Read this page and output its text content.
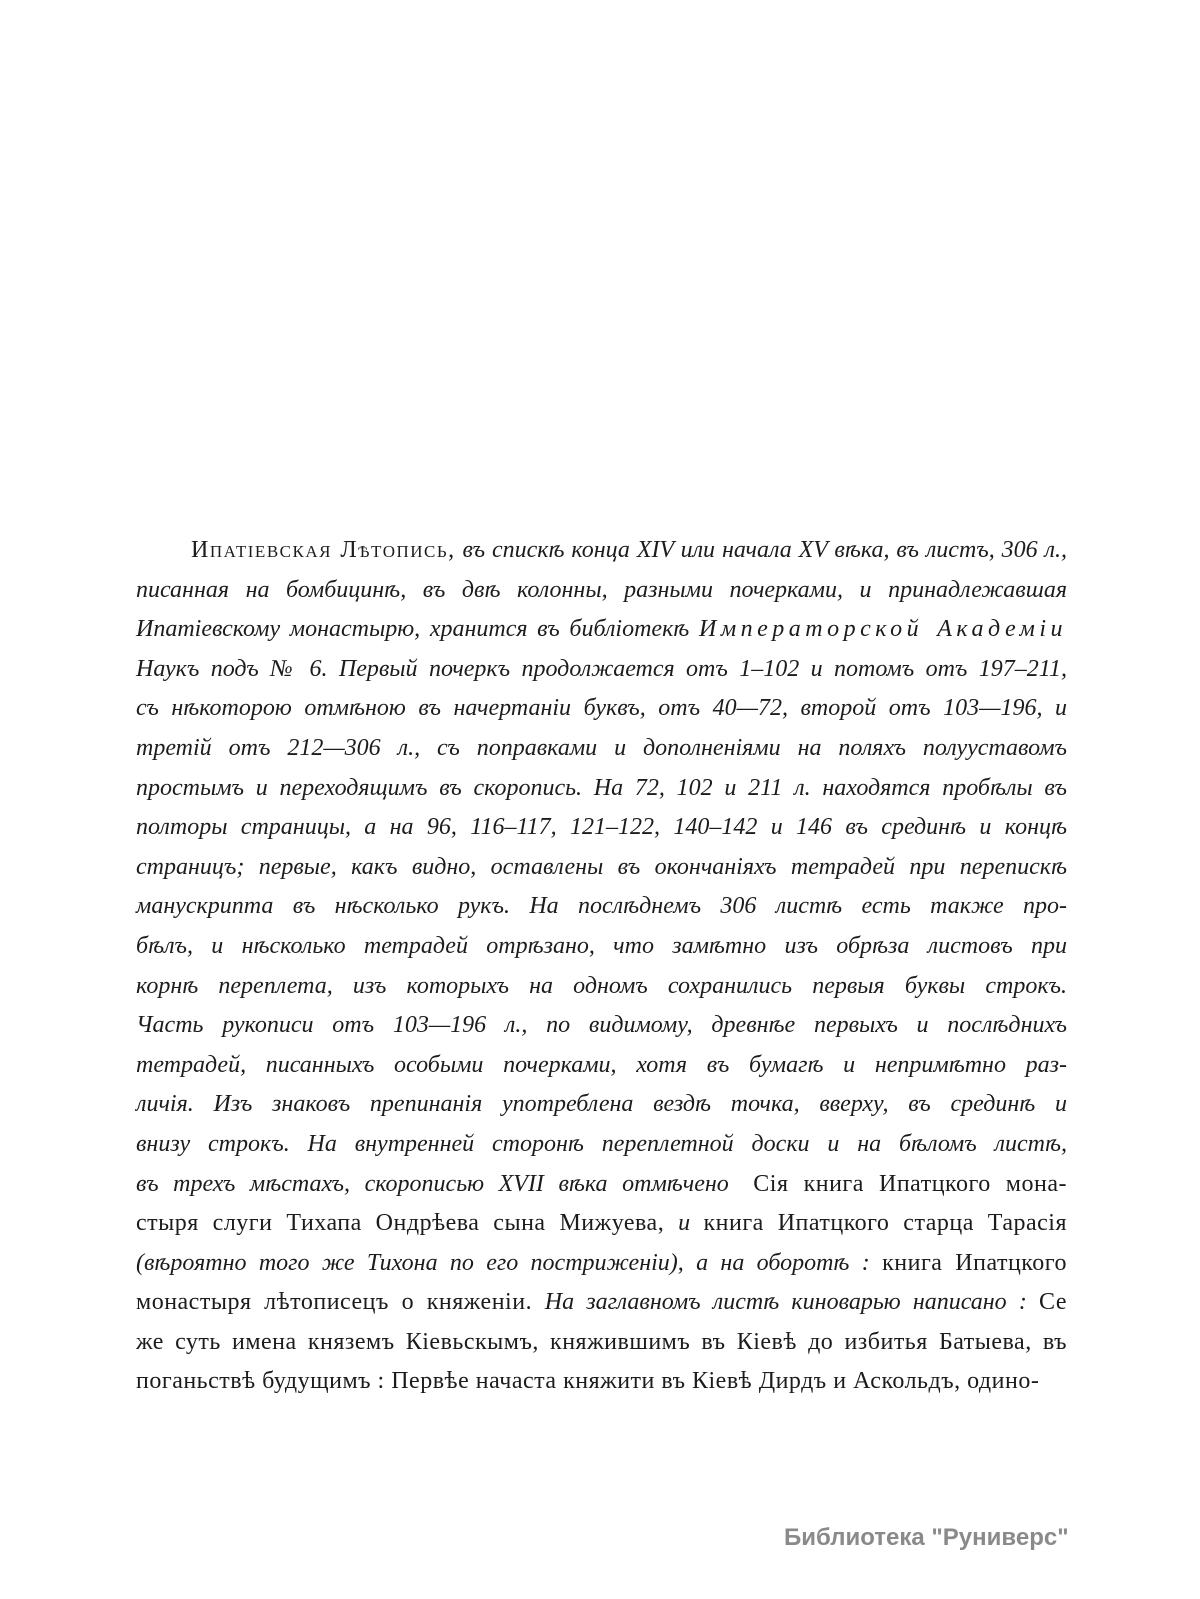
Ипатіевская Лѣтопись, въ спискѣ конца XIV или начала XV вѣка, въ листъ, 306 л.,
писанная на бомбицинѣ, въ двѣ колонны, разными почерками, и принадлежавшая
Ипатіевскому монастырю, хранится въ библіотекѣ Императорской Академіи
Наукъ подъ № 6. Первый почеркъ продолжается отъ 1–102 и потомъ отъ 197–211,
съ нѣкоторою отмѣною въ начертаніи буквъ, отъ 40—72, второй отъ 103—196, и
третій отъ 212—306 л., съ поправками и дополненіями на поляхъ полууставомъ
простымъ и переходящимъ въ скоропись. На 72, 102 и 211 л. находятся пробѣлы въ
полторы страницы, а на 96, 116–117, 121–122, 140–142 и 146 въ срединѣ и концѣ
страницъ; первые, какъ видно, оставлены въ окончаніяхъ тетрадей при перепискѣ
манускрипта въ нѣсколько рукъ. На послѣднемъ 306 листѣ есть также про-
бѣлъ, и нѣсколько тетрадей отрѣзано, что замѣтно изъ обрѣза листовъ при
корнѣ переплета, изъ которыхъ на одномъ сохранились первыя буквы строкъ.
Часть рукописи отъ 103—196 л., по видимому, древнѣе первыхъ и послѣднихъ
тетрадей, писанныхъ особыми почерками, хотя въ бумагѣ и непримѣтно раз-
личія. Изъ знаковъ препинанія употреблена вездѣ точка, вверху, въ срединѣ и
внизу строкъ. На внутренней сторонѣ переплетной доски и на бѣломъ листѣ,
въ трехъ мѣстахъ, скорописью XVII вѣка отмѣчено Сія книга Ипатцкого мона-
стыря слуги Тихапа Ондрѣева сына Мижуева, и книга Ипатцкого старца Тарасія
(вѣроятно того же Тихона по его постриженіи), а на оборотѣ : книга Ипатцкого
монастыря лѣтописецъ о княженіи. На заглавномъ листѣ киноварью написано : Се
же суть имена княземъ Кіевьскымъ, княжившимъ въ Кіевѣ до избитья Батыева, въ
поганьствѣ будущимъ : Первѣе начаста княжити въ Кіевѣ Дирдъ и Аскольдъ, одино-
Библиотека "Руниверс"
